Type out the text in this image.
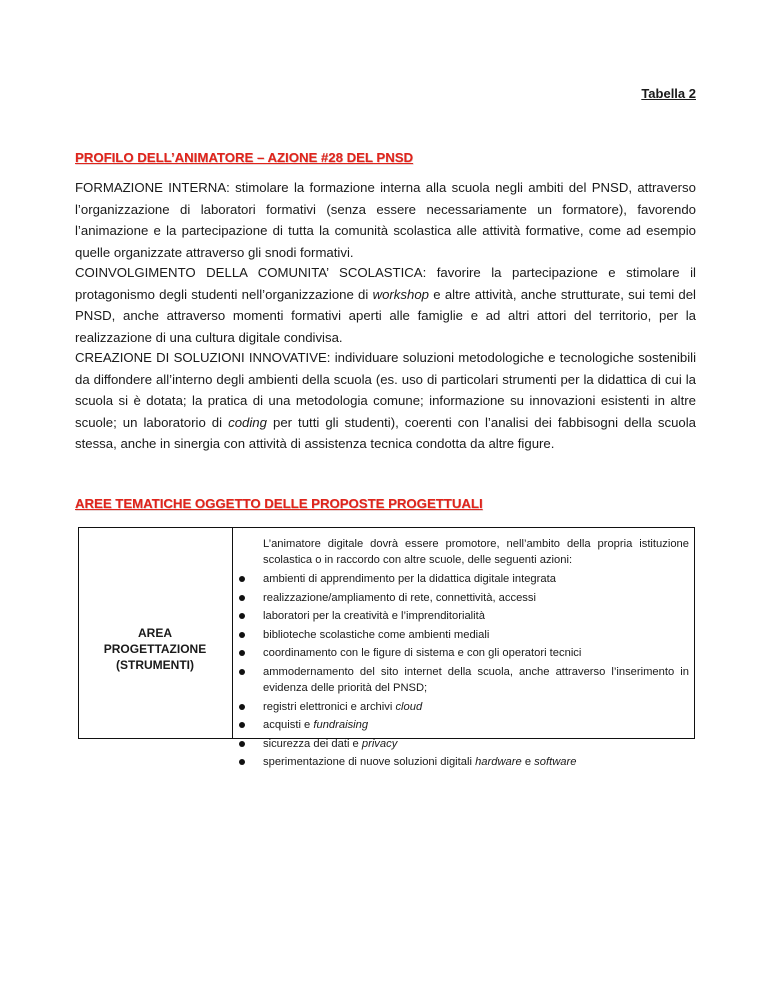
Tabella 2
PROFILO DELL’ANIMATORE – AZIONE #28 DEL PNSD

FORMAZIONE INTERNA: stimolare la formazione interna alla scuola negli ambiti del PNSD, attraverso l’organizzazione di laboratori formativi (senza essere necessariamente un formatore), favorendo l’animazione e la partecipazione di tutta la comunità scolastica alle attività formative, come ad esempio quelle organizzate attraverso gli snodi formativi.

COINVOLGIMENTO DELLA COMUNITA’ SCOLASTICA: favorire la partecipazione e stimolare il protagonismo degli studenti nell’organizzazione di workshop e altre attività, anche strutturate, sui temi del PNSD, anche attraverso momenti formativi aperti alle famiglie e ad altri attori del territorio, per la realizzazione di una cultura digitale condivisa.

CREAZIONE DI SOLUZIONI INNOVATIVE: individuare soluzioni metodologiche e tecnologiche sostenibili da diffondere all’interno degli ambienti della scuola (es. uso di particolari strumenti per la didattica di cui la scuola si è dotata; la pratica di una metodologia comune; informazione su innovazioni esistenti in altre scuole; un laboratorio di coding per tutti gli studenti), coerenti con l’analisi dei fabbisogni della scuola stessa, anche in sinergia con attività di assistenza tecnica condotta da altre figure.

AREE TEMATICHE OGGETTO DELLE PROPOSTE PROGETTUALI
AREA
PROGETTAZIONE
(STRUMENTI)
L’animatore digitale dovrà essere promotore, nell’ambito della propria istituzione scolastica o in raccordo con altre scuole, delle seguenti azioni:
ambienti di apprendimento per la didattica digitale integrata
realizzazione/ampliamento di rete, connettività, accessi
laboratori per la creatività e l’imprenditorialità
biblioteche scolastiche come ambienti mediali
coordinamento con le figure di sistema e con gli operatori tecnici
ammodernamento del sito internet della scuola, anche attraverso l’inserimento in evidenza delle priorità del PNSD;
registri elettronici e archivi cloud
acquisti e fundraising
sicurezza dei dati e privacy
sperimentazione di nuove soluzioni digitali hardware e software
